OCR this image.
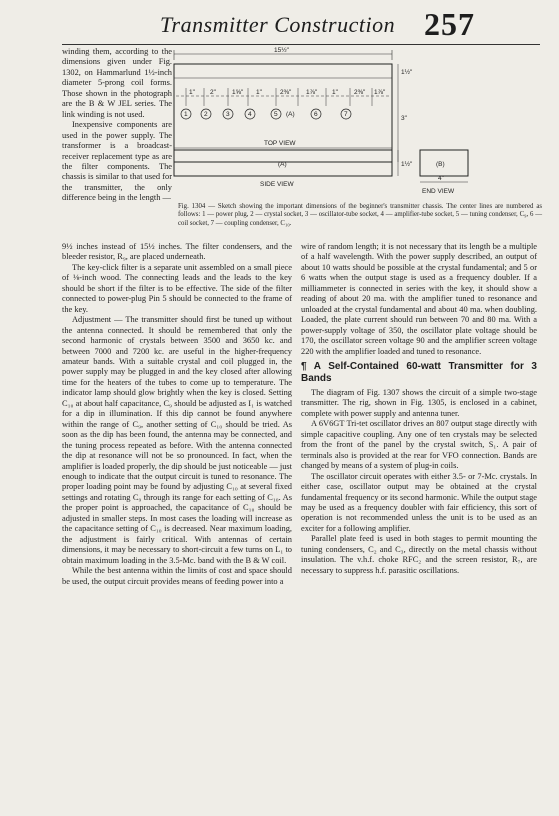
Transmitter Construction 257

winding them, according to the dimensions given under Fig. 1302, on Hammarlund 1½-inch diameter 5-prong coil forms. Those shown in the photograph are the B & W JEL series. The link winding is not used.

Inexpensive components are used in the power supply. The transformer is a broadcast-receiver replacement type as are the filter components. The chassis is similar to that used for the transmitter, the only difference being in the length —

15½"
1" 2" 1⅝" 1"	2⅜" 1⅞" 1" 2⅜" 1⅞"
1	2	3	4	5 (A)	6	7
1½"
3"
TOP VIEW
(A)	1½"
SIDE VIEW
(B)
4"
END VIEW
Fig. 1304 — Sketch showing the important dimensions of the beginner's transmitter chassis. The center lines are numbered as follows: 1 — power plug, 2 — crystal socket, 3 — oscillator-tube socket, 4 — amplifier-tube socket, 5 — tuning condenser, C₉, 6 — coil socket, 7 — coupling condenser, C₁₀.

9½ inches instead of 15½ inches. The filter condensers, and the bleeder resistor, R₉, are placed underneath.

The key-click filter is a separate unit assembled on a small piece of ⅛-inch wood. The connecting leads and the leads to the key should be short if the filter is to be effective. The side of the filter connected to power-plug Pin 5 should be connected to the frame of the key.

Adjustment — The transmitter should first be tuned up without the antenna connected. It should be remembered that only the second harmonic of crystals between 3500 and 3650 kc. and between 7000 and 7200 kc. are useful in the higher-frequency amateur bands. With a suitable crystal and coil plugged in, the power supply may be plugged in and the key closed after allowing time for the heaters of the tubes to come up to temperature. The indicator lamp should glow brightly when the key is closed. Setting C₁₀ at about half capacitance, C₉ should be adjusted as I₁ is watched for a dip in illumination. If this dip cannot be found anywhere within the range of C₉, another setting of C₁₀ should be tried. As soon as the dip has been found, the antenna may be connected, and the tuning process repeated as before. With the antenna connected the dip at resonance will not be so pronounced. In fact, when the amplifier is loaded properly, the dip should be just noticeable — just enough to indicate that the output circuit is tuned to resonance. The proper loading point may be found by adjusting C₁₀ at several fixed settings and rotating C₉ through its range for each setting of C₁₀. As the proper point is approached, the capacitance of C₁₀ should be adjusted in smaller steps. In most cases the loading will increase as the capacitance setting of C₁₀ is decreased. Near maximum loading, the adjustment is fairly critical. With antennas of certain dimensions, it may be necessary to short-circuit a few turns on L₁ to obtain maximum loading in the 3.5-Mc. band with the B & W coil.

While the best antenna within the limits of cost and space should be used, the output circuit provides means of feeding power into a

wire of random length; it is not necessary that its length be a multiple of a half wavelength. With the power supply described, an output of about 10 watts should be possible at the crystal fundamental; and 5 or 6 watts when the output stage is used as a frequency doubler. If a milliammeter is connected in series with the key, it should show a reading of about 20 ma. with the amplifier tuned to resonance and unloaded at the crystal fundamental and about 40 ma. when doubling. Loaded, the plate current should run between 70 and 80 ma. With a power-supply voltage of 350, the oscillator plate voltage should be 170, the oscillator screen voltage 90 and the amplifier screen voltage 220 with the amplifier loaded and tuned to resonance.

¶ A Self-Contained 60-watt Transmitter for 3 Bands

The diagram of Fig. 1307 shows the circuit of a simple two-stage transmitter. The rig, shown in Fig. 1305, is enclosed in a cabinet, complete with power supply and antenna tuner.

A 6V6GT Tri-tet oscillator drives an 807 output stage directly with simple capacitive coupling. Any one of ten crystals may be selected from the front of the panel by the crystal switch, S₁. A pair of terminals also is provided at the rear for VFO connection. Bands are changed by means of a system of plug-in coils.

The oscillator circuit operates with either 3.5- or 7-Mc. crystals. In either case, oscillator output may be obtained at the crystal fundamental frequency or its second harmonic. While the output stage may be used as a frequency doubler with fair efficiency, this sort of operation is not recommended unless the unit is to be used as an exciter for a following amplifier.

Parallel plate feed is used in both stages to permit mounting the tuning condensers, C₂ and C₃, directly on the metal chassis without insulation. The v.h.f. choke RFC₂ and the screen resistor, R₇, are necessary to suppress h.f. parasitic oscillations.
